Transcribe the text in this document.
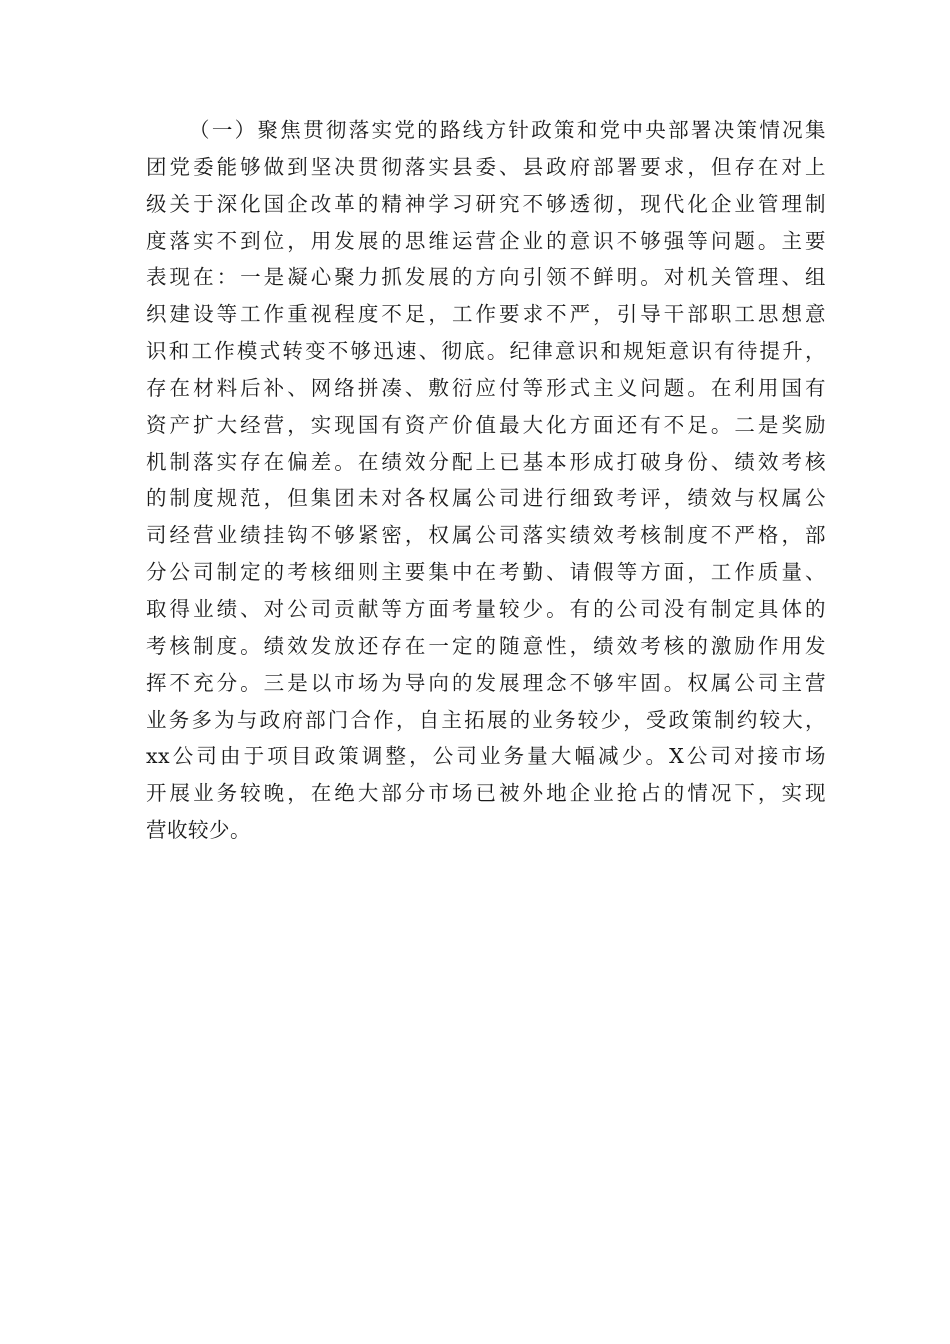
（一）聚焦贯彻落实党的路线方针政策和党中央部署决策情况集
团党委能够做到坚决贯彻落实县委、县政府部署要求，但存在对上
级关于深化国企改革的精神学习研究不够透彻，现代化企业管理制
度落实不到位，用发展的思维运营企业的意识不够强等问题。主要
表现在：一是凝心聚力抓发展的方向引领不鲜明。对机关管理、组
织建设等工作重视程度不足，工作要求不严，引导干部职工思想意
识和工作模式转变不够迅速、彻底。纪律意识和规矩意识有待提升，
存在材料后补、网络拼凑、敷衍应付等形式主义问题。在利用国有
资产扩大经营，实现国有资产价值最大化方面还有不足。二是奖励
机制落实存在偏差。在绩效分配上已基本形成打破身份、绩效考核
的制度规范，但集团未对各权属公司进行细致考评，绩效与权属公
司经营业绩挂钩不够紧密，权属公司落实绩效考核制度不严格，部
分公司制定的考核细则主要集中在考勤、请假等方面，工作质量、
取得业绩、对公司贡献等方面考量较少。有的公司没有制定具体的
考核制度。绩效发放还存在一定的随意性，绩效考核的激励作用发
挥不充分。三是以市场为导向的发展理念不够牢固。权属公司主营
业务多为与政府部门合作，自主拓展的业务较少，受政策制约较大，
xx公司由于项目政策调整，公司业务量大幅减少。X公司对接市场
开展业务较晚，在绝大部分市场已被外地企业抢占的情况下，实现
营收较少。
